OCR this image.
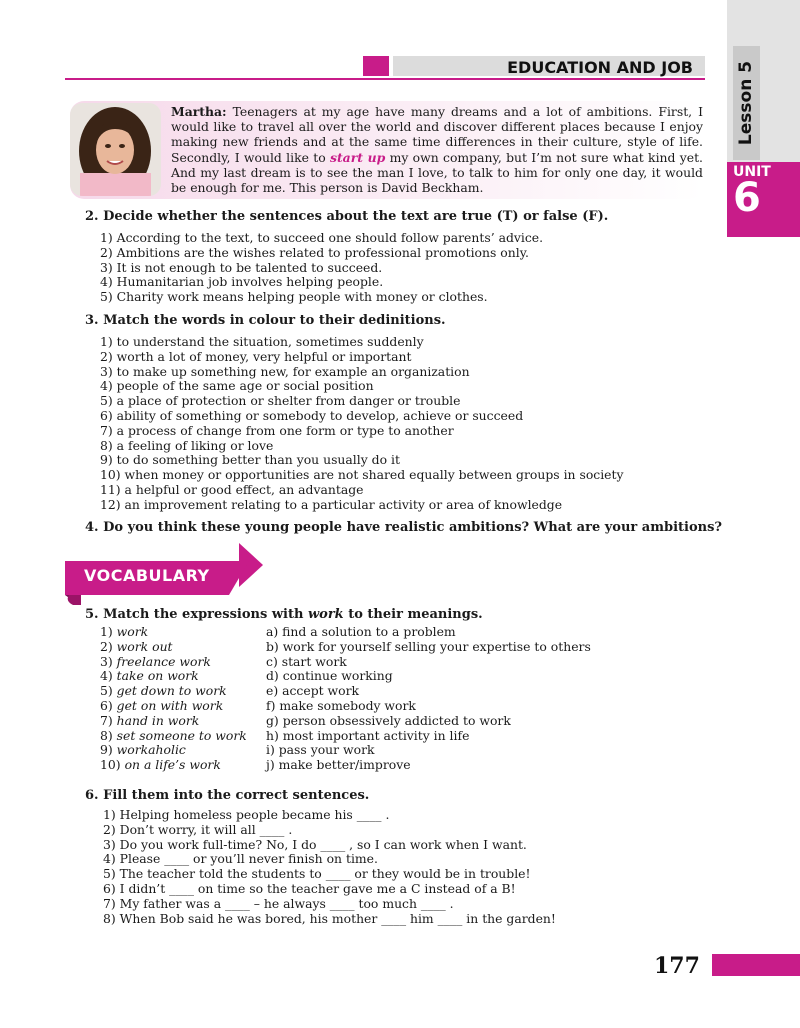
Lesson 5
UNIT
6
EDUCATION AND JOB
Martha: Teenagers at my age have many dreams and a lot of ambitions. First, I would like to travel all over the world and discover different places because I enjoy making new friends and at the same time differences in their culture, style of life. Secondly, I would like to start up my own company, but I’m not sure what kind yet. And my last dream is to see the man I love, to talk to him for only one day, it would be enough for me. This person is David Beckham.
2. Decide whether the sentences about the text are true (T) or false (F).
1) According to the text, to succeed one should follow parents’ advice.
2) Ambitions are the wishes related to professional promotions only.
3) It is not enough to be talented to succeed.
4) Humanitarian job involves helping people.
5) Charity work means helping people with money or clothes.
3. Match the words in colour to their dedinitions.
1) to understand the situation, sometimes suddenly
2) worth a lot of money, very helpful or important
3) to make up something new, for example an organization
4) people of the same age or social position
5) a place of protection or shelter from danger or trouble
6) ability of something or somebody to develop, achieve or succeed
7) a process of change from one form or type to another
8) a feeling of liking or love
9) to do something better than you usually do it
10) when money or opportunities are not shared equally between groups in society
11) a helpful or good effect, an advantage
12) an improvement relating to a particular activity or area of knowledge
4. Do you think these young people have realistic ambitions? What are your ambitions?
VOCABULARY
5. Match the expressions with work to their meanings.
1) work
2) work out
3) freelance work
4) take on work
5) get down to work
6) get on with work
7) hand in work
8) set someone to work
9) workaholic
10) on a life’s work
a) find a solution to a problem
b) work for yourself selling your expertise to others
c) start work
d) continue working
e) accept work
f) make somebody work
g) person obsessively addicted to work
h) most important activity in life
i) pass your work
j) make better/improve
6. Fill them into the correct sentences.
1) Helping homeless people became his ____ .
2) Don’t worry, it will all ____ .
3) Do you work full-time? No, I do ____ , so I can work when I want.
4) Please ____ or you’ll never finish on time.
5) The teacher told the students to ____ or they would be in trouble!
6) I didn’t ____ on time so the teacher gave me a C instead of a B!
7) My father was a ____ – he always ____ too much ____ .
8) When Bob said he was bored, his mother ____ him ____ in the garden!
177
